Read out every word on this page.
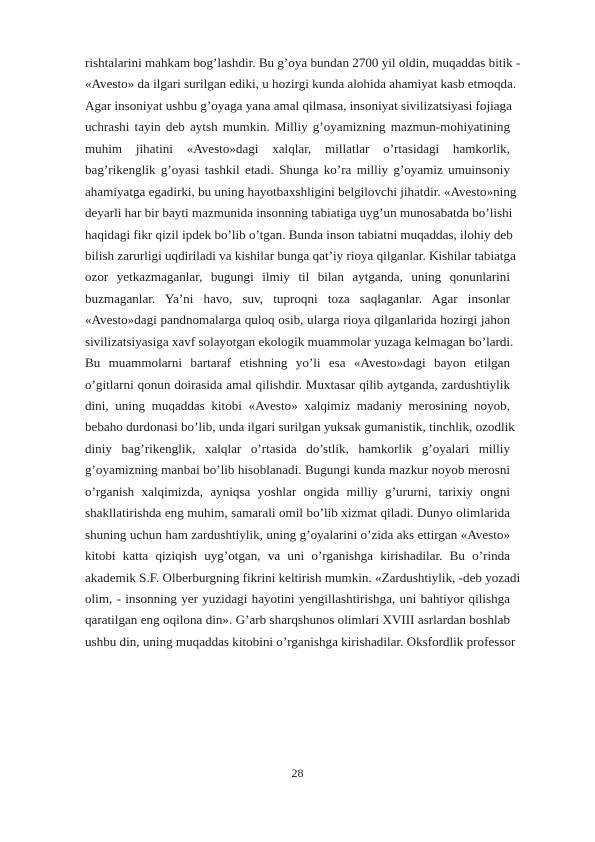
rishtalarini mahkam bog’lashdir. Bu g’oya bundan 2700 yil oldin, muqaddas bitik -
«Avesto» da ilgari surilgan ediki, u hozirgi kunda alohida ahamiyat kasb etmoqda.
Agar insoniyat ushbu g’oyaga yana amal qilmasa, insoniyat sivilizatsiyasi fojiaga
uchrashi tayin deb aytsh mumkin. Milliy g’oyamizning mazmun-mohiyatining
muhim jihatini «Avesto»dagi xalqlar, millatlar o’rtasidagi hamkorlik,
bag’rikenglik g’oyasi tashkil etadi. Shunga ko’ra milliy g’oyamiz umuinsoniy
ahamiyatga egadirki, bu uning hayotbaxshligini belgilovchi jihatdir. «Avesto»ning
deyarli har bir bayti mazmunida insonning tabiatiga uyg’un munosabatda bo’lishi
haqidagi fikr qizil ipdek bo’lib o’tgan. Bunda inson tabiatni muqaddas, ilohiy deb
bilish zarurligi uqdiriladi va kishilar bunga qat’iy rioya qilganlar. Kishilar tabiatga
ozor yetkazmaganlar, bugungi ilmiy til bilan aytganda, uning qonunlarini
buzmaganlar. Ya’ni havo, suv, tuproqni toza saqlaganlar. Agar insonlar
«Avesto»dagi pandnomalarga quloq osib, ularga rioya qilganlarida hozirgi jahon
sivilizatsiyasiga xavf solayotgan ekologik muammolar yuzaga kelmagan bo’lardi.
Bu muammolarni bartaraf etishning yo’li esa «Avesto»dagi bayon etilgan
o’gitlarni qonun doirasida amal qilishdir. Muxtasar qilib aytganda, zardushtiylik
dini, uning muqaddas kitobi «Avesto» xalqimiz madaniy merosining noyob,
bebaho durdonasi bo’lib, unda ilgari surilgan yuksak gumanistik, tinchlik, ozodlik
diniy bag’rikenglik, xalqlar o’rtasida do’stlik, hamkorlik g’oyalari milliy
g’oyamizning manbai bo’lib hisoblanadi. Bugungi kunda mazkur noyob merosni
o’rganish xalqimizda, ayniqsa yoshlar ongida milliy g’ururni, tarixiy ongni
shakllatirishda eng muhim, samarali omil bo’lib xizmat qiladi. Dunyo olimlarida
shuning uchun ham zardushtiylik, uning g’oyalarini o’zida aks ettirgan «Avesto»
kitobi katta qiziqish uyg’otgan, va uni o’rganishga kirishadilar. Bu o’rinda
akademik S.F. Olberburgning fikrini keltirish mumkin. «Zardushtiylik, -deb yozadi
olim, - insonning yer yuzidagi hayotini yengillashtirishga, uni bahtiyor qilishga
qaratilgan eng oqilona din». G’arb sharqshunos olimlari XVIII asrlardan boshlab
ushbu din, uning muqaddas kitobini o’rganishga kirishadilar. Oksfordlik professor
28
